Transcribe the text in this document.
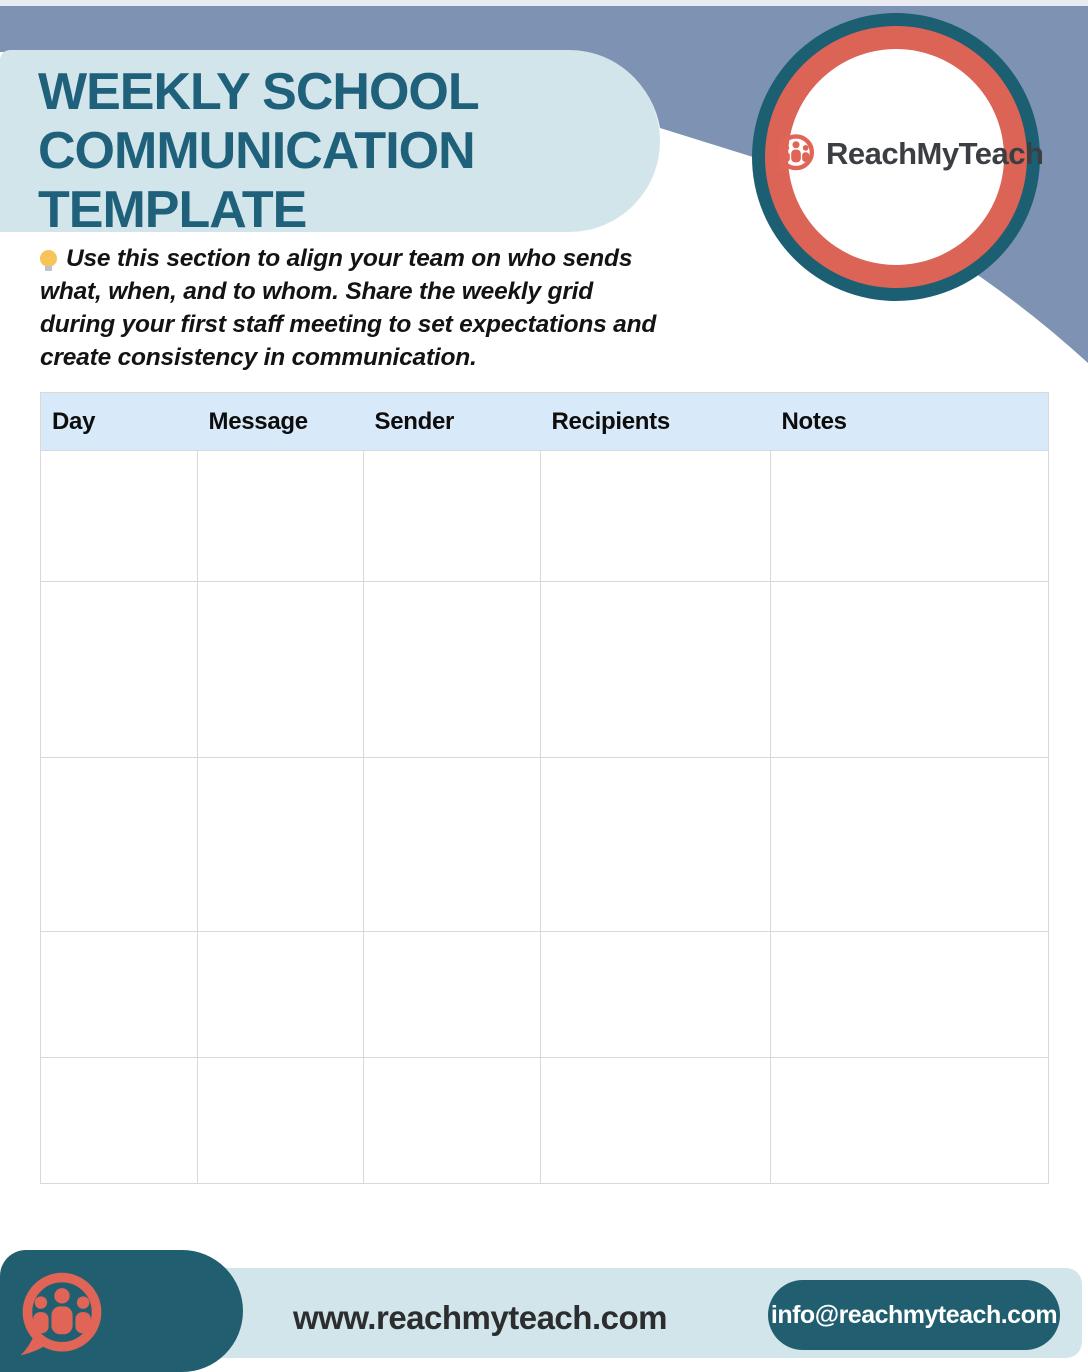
WEEKLY SCHOOL
COMMUNICATION
TEMPLATE
ReachMyTeach
Use this section to align your team on who sends
what, when, and to whom. Share the weekly grid
during your first staff meeting to set expectations and
create consistency in communication.
Day	Message	Sender	Recipients	Notes

www.reachmyteach.com	info@reachmyteach.com
